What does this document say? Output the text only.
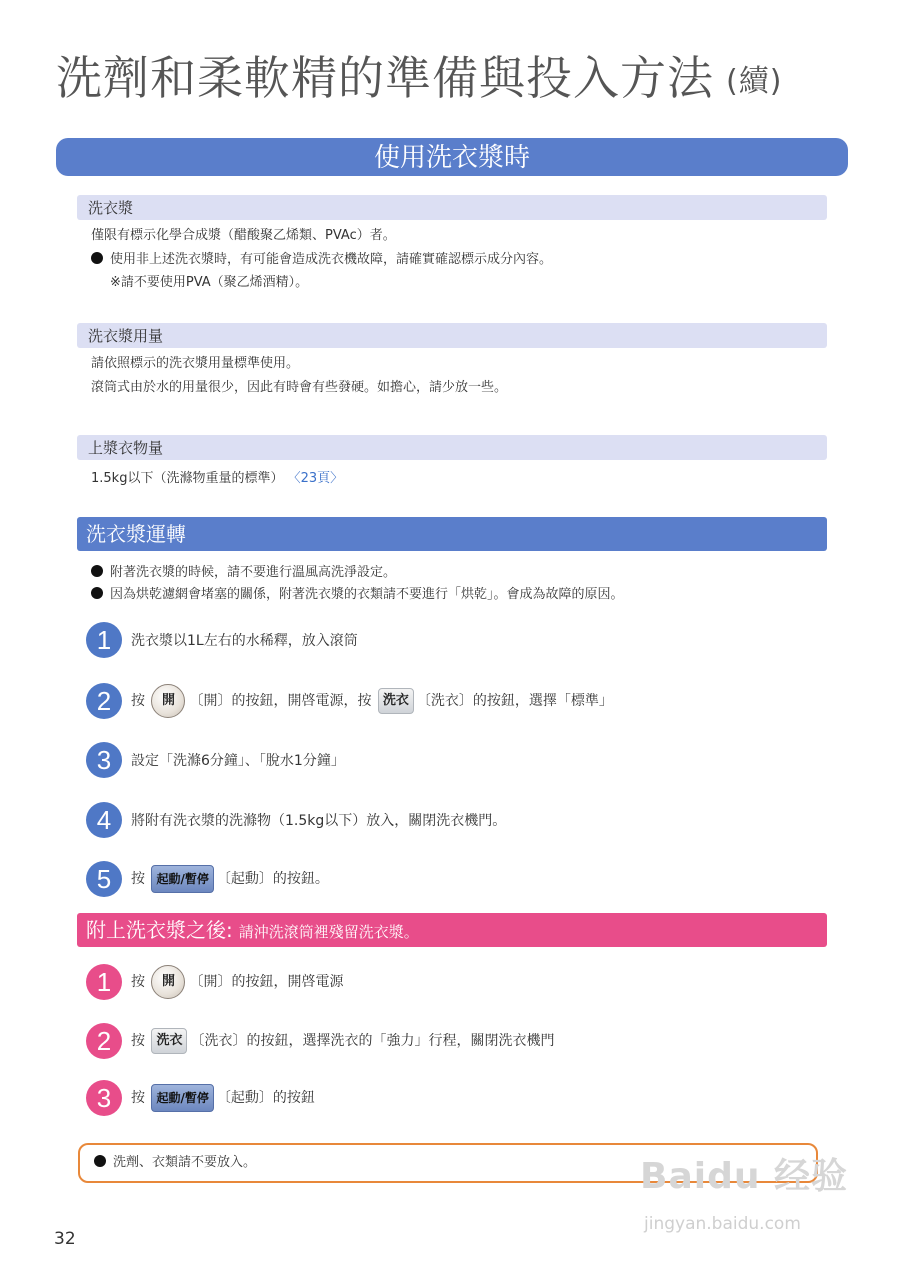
洗劑和柔軟精的準備與投入方法 (續)
使用洗衣漿時
洗衣漿
僅限有標示化學合成漿（醋酸聚乙烯類、PVAc）者。
使用非上述洗衣漿時，有可能會造成洗衣機故障，請確實確認標示成分內容。
※請不要使用PVA（聚乙烯酒精）。
洗衣漿用量
請依照標示的洗衣漿用量標準使用。
滾筒式由於水的用量很少，因此有時會有些發硬。如擔心，請少放一些。
上漿衣物量
1.5kg以下（洗滌物重量的標準） 〈23頁〉
洗衣漿運轉
附著洗衣漿的時候，請不要進行溫風高洗淨設定。
因為烘乾濾網會堵塞的關係，附著洗衣漿的衣類請不要進行「烘乾」。會成為故障的原因。
1 洗衣漿以1L左右的水稀釋，放入滾筒
2 按 開 〔開〕的按鈕，開啓電源，按 洗衣 〔洗衣〕的按鈕，選擇「標準」
3 設定「洗滌6分鐘」、「脫水1分鐘」
4 將附有洗衣漿的洗滌物（1.5kg以下）放入，關閉洗衣機門。
5 按 起動/暫停 〔起動〕的按鈕。
附上洗衣漿之後: 請沖洗滾筒裡殘留洗衣漿。
1 按 開 〔開〕的按鈕，開啓電源
2 按 洗衣 〔洗衣〕的按鈕，選擇洗衣的「強力」行程，關閉洗衣機門
3 按 起動/暫停 〔起動〕的按鈕
洗劑、衣類請不要放入。	Baidu 经验
jingyan.baidu.com
32
